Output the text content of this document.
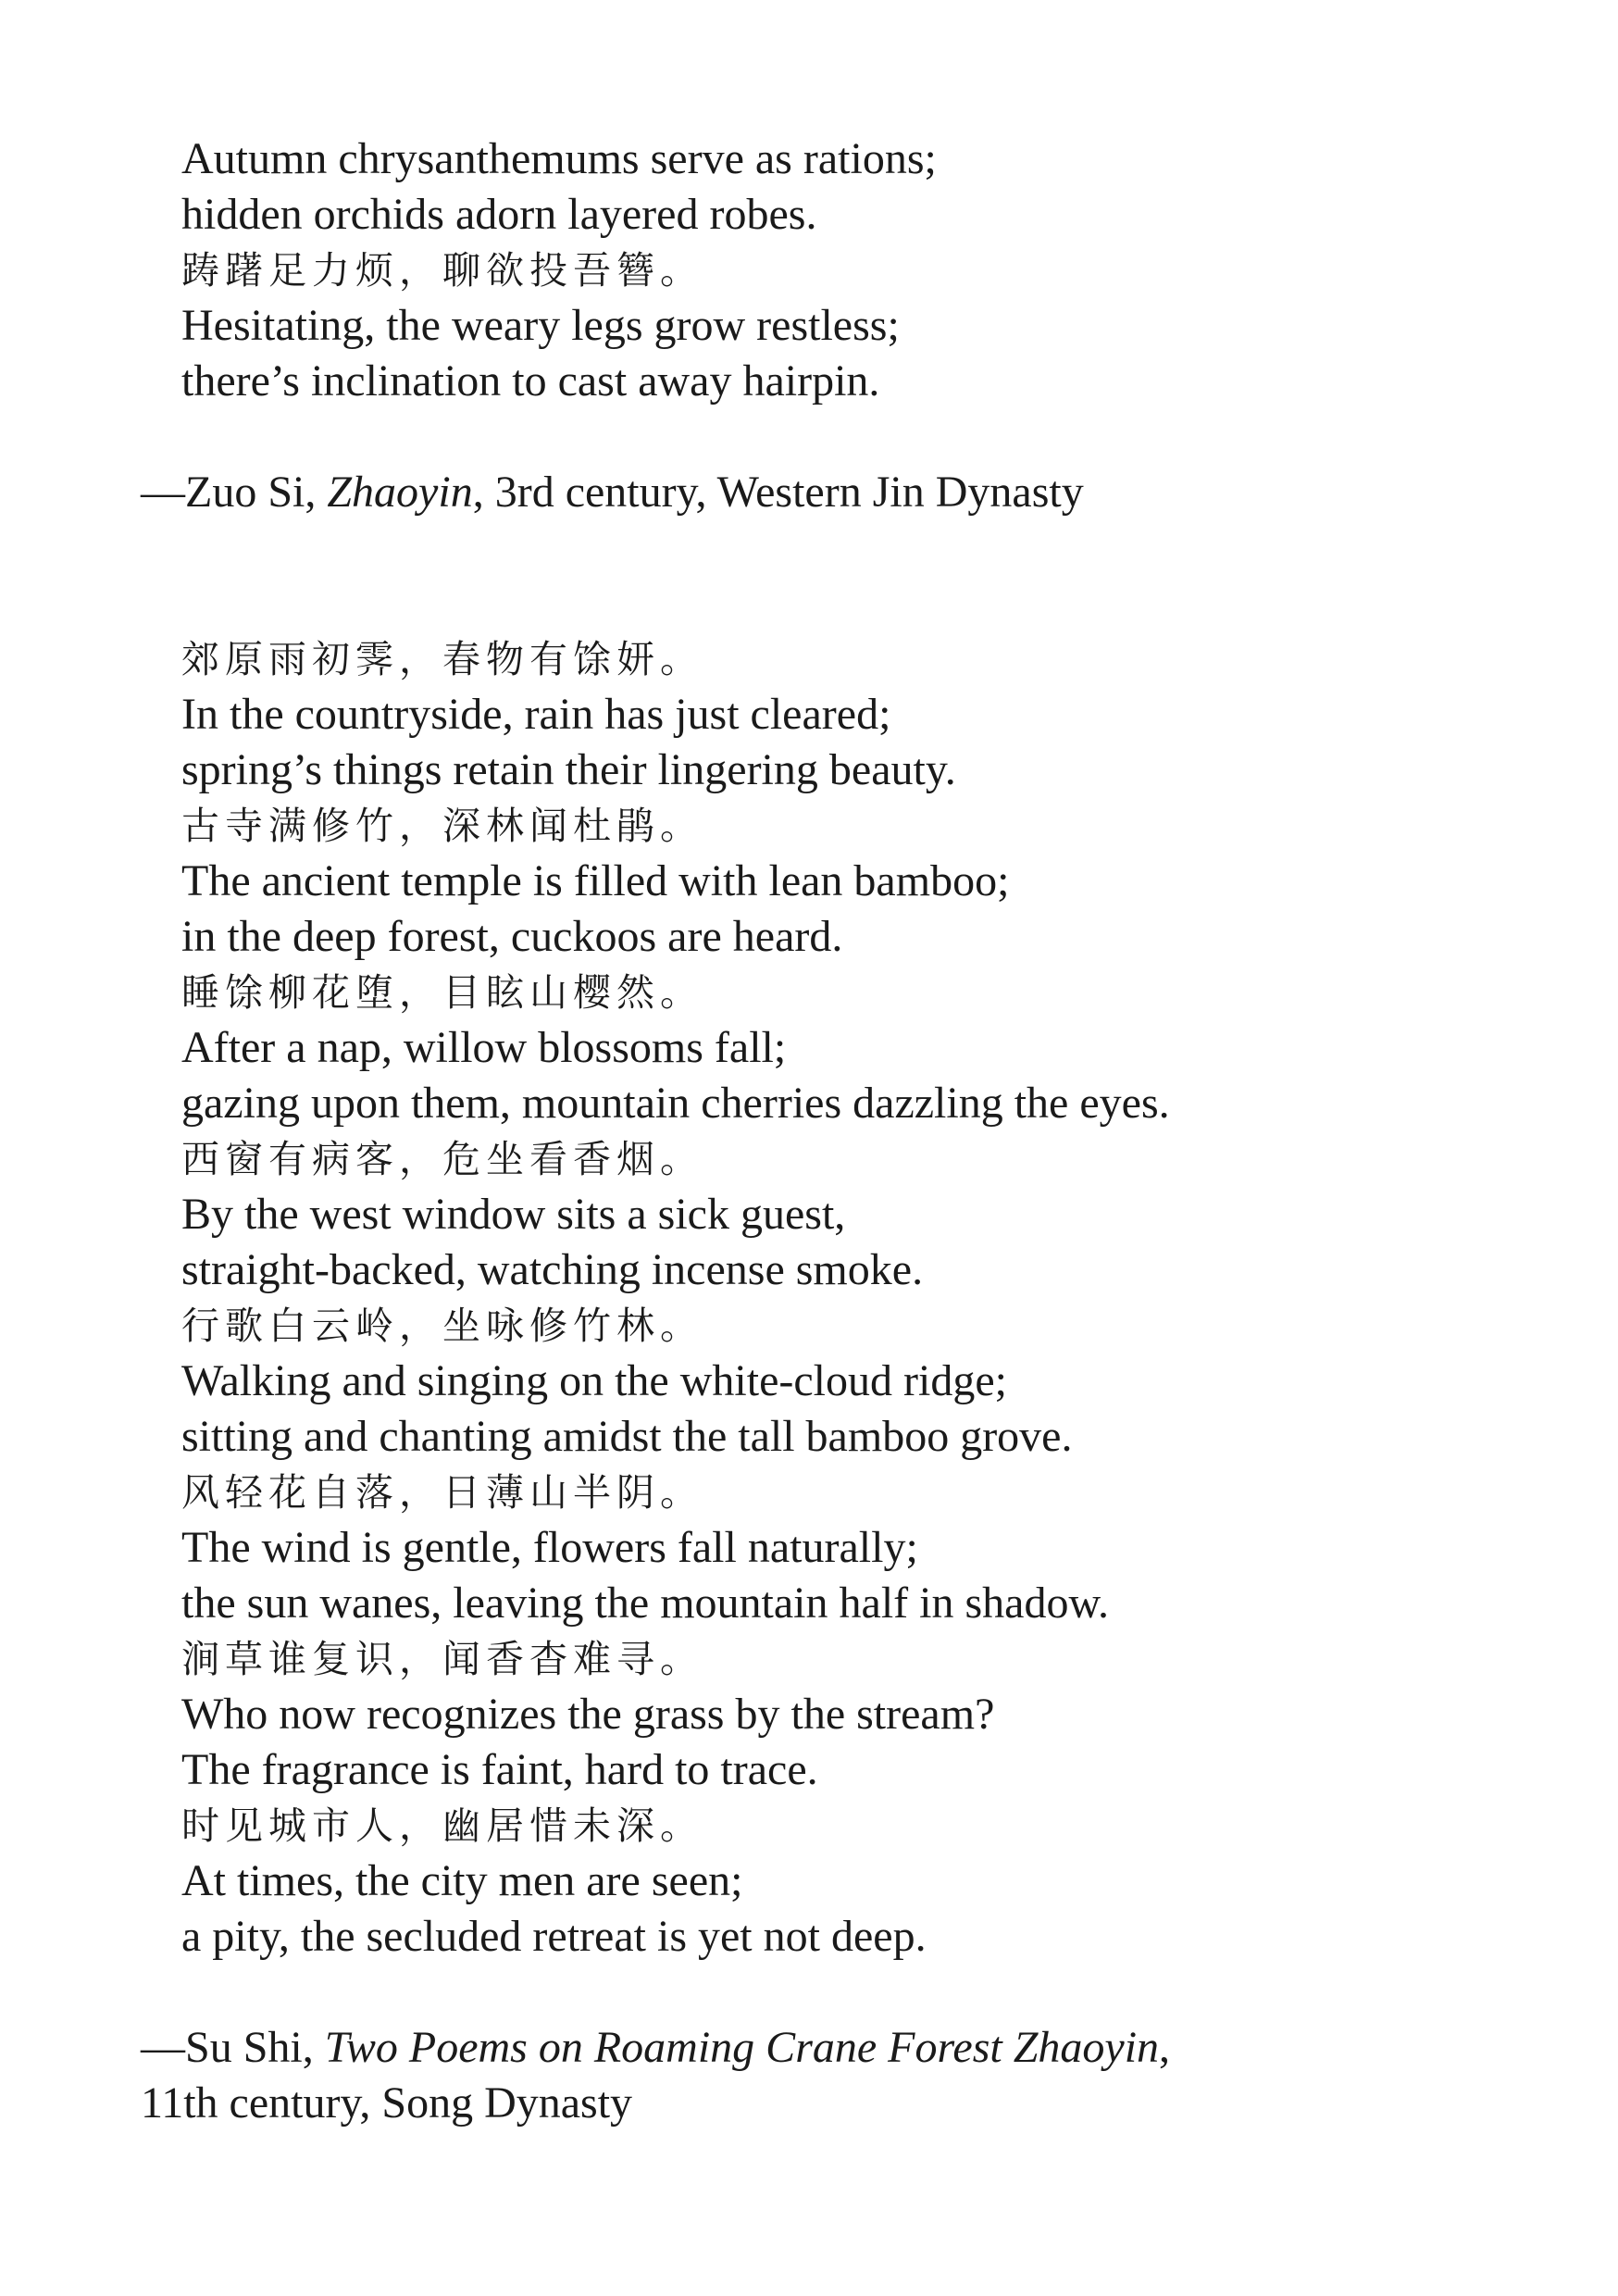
Autumn chrysanthemums serve as rations;
hidden orchids adorn layered robes.
踌躇足力烦，聊欲投吾簪。
Hesitating, the weary legs grow restless;
there’s inclination to cast away hairpin.

—Zuo Si, Zhaoyin, 3rd century, Western Jin Dynasty

郊原雨初霁，春物有馀妍。
In the countryside, rain has just cleared;
spring’s things retain their lingering beauty.
古寺满修竹，深林闻杜鹃。
The ancient temple is filled with lean bamboo;
in the deep forest, cuckoos are heard.
睡馀柳花堕，目眩山樱然。
After a nap, willow blossoms fall;
gazing upon them, mountain cherries dazzling the eyes.
西窗有病客，危坐看香烟。
By the west window sits a sick guest,
straight-backed, watching incense smoke.
行歌白云岭，坐咏修竹林。
Walking and singing on the white-cloud ridge;
sitting and chanting amidst the tall bamboo grove.
风轻花自落，日薄山半阴。
The wind is gentle, flowers fall naturally;
the sun wanes, leaving the mountain half in shadow.
涧草谁复识，闻香杳难寻。
Who now recognizes the grass by the stream?
The fragrance is faint, hard to trace.
时见城市人，幽居惜未深。
At times, the city men are seen;
a pity, the secluded retreat is yet not deep.

—Su Shi, Two Poems on Roaming Crane Forest Zhaoyin,
11th century, Song Dynasty
